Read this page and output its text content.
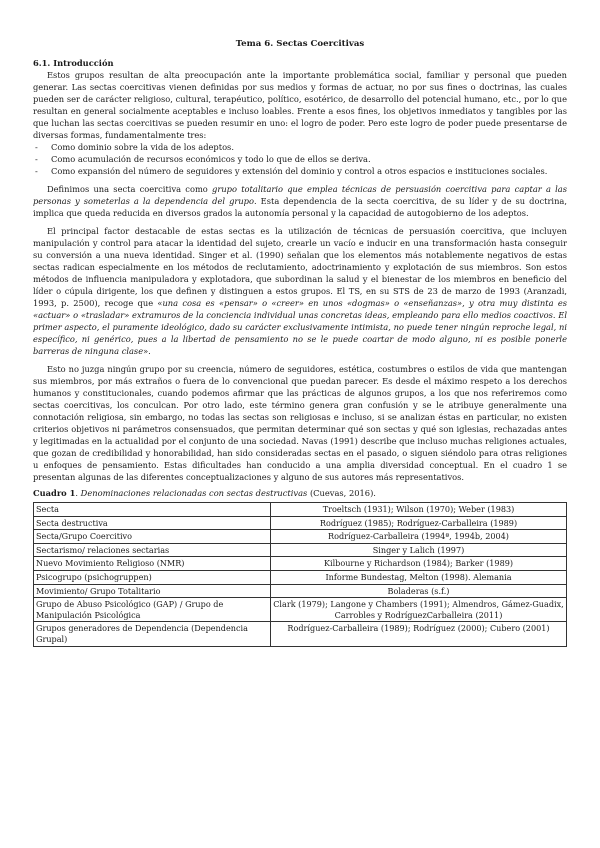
Tema 6. Sectas Coercitivas
6.1. Introducción

Estos grupos resultan de alta preocupación ante la importante problemática social, familiar y personal que pueden generar. Las sectas coercitivas vienen definidas por sus medios y formas de actuar, no por sus fines o doctrinas, las cuales pueden ser de carácter religioso, cultural, terapéutico, político, esotérico, de desarrollo del potencial humano, etc., por lo que resultan en general socialmente aceptables e incluso loables. Frente a esos fines, los objetivos inmediatos y tangibles por las que luchan las sectas coercitivas se pueden resumir en uno: el logro de poder. Pero este logro de poder puede presentarse de diversas formas, fundamentalmente tres:

- Como dominio sobre la vida de los adeptos.
- Como acumulación de recursos económicos y todo lo que de ellos se deriva.
- Como expansión del número de seguidores y extensión del dominio y control a otros espacios e instituciones sociales.

Definimos una secta coercitiva como grupo totalitario que emplea técnicas de persuasión coercitiva para captar a las personas y someterlas a la dependencia del grupo. Esta dependencia de la secta coercitiva, de su líder y de su doctrina, implica que queda reducida en diversos grados la autonomía personal y la capacidad de autogobierno de los adeptos.

El principal factor destacable de estas sectas es la utilización de técnicas de persuasión coercitiva, que incluyen manipulación y control para atacar la identidad del sujeto, crearle un vacío e inducir en una transformación hasta conseguir su conversión a una nueva identidad. Singer et al. (1990) señalan que los elementos más notablemente negativos de estas sectas radican especialmente en los métodos de reclutamiento, adoctrinamiento y explotación de sus miembros. Son estos métodos de influencia manipuladora y explotadora, que subordinan la salud y el bienestar de los miembros en beneficio del líder o cúpula dirigente, los que definen y distinguen a estos grupos. El TS, en su STS de 23 de marzo de 1993 (Aranzadi, 1993, p. 2500), recoge que «una cosa es «pensar» o «creer» en unos «dogmas» o «enseñanzas», y otra muy distinta es «actuar» o «trasladar» extramuros de la conciencia individual unas concretas ideas, empleando para ello medios coactivos. El primer aspecto, el puramente ideológico, dado su carácter exclusivamente intimista, no puede tener ningún reproche legal, ni específico, ni genérico, pues a la libertad de pensamiento no se le puede coartar de modo alguno, ni es posible ponerle barreras de ninguna clase».

Esto no juzga ningún grupo por su creencia, número de seguidores, estética, costumbres o estilos de vida que mantengan sus miembros, por más extraños o fuera de lo convencional que puedan parecer. Es desde el máximo respeto a los derechos humanos y constitucionales, cuando podemos afirmar que las prácticas de algunos grupos, a los que nos referiremos como sectas coercitivas, los conculcan. Por otro lado, este término genera gran confusión y se le atribuye generalmente una connotación religiosa, sin embargo, no todas las sectas son religiosas e incluso, si se analizan éstas en particular, no existen criterios objetivos ni parámetros consensuados, que permitan determinar qué son sectas y qué son iglesias, rechazadas antes y legitimadas en la actualidad por el conjunto de una sociedad. Navas (1991) describe que incluso muchas religiones actuales, que gozan de credibilidad y honorabilidad, han sido consideradas sectas en el pasado, o siguen siéndolo para otras religiones u enfoques de pensamiento. Estas dificultades han conducido a una amplia diversidad conceptual. En el cuadro 1 se presentan algunas de las diferentes conceptualizaciones y alguno de sus autores más representativos.

Cuadro 1. Denominaciones relacionadas con sectas destructivas (Cuevas, 2016).
Secta	Troeltsch (1931); Wilson (1970); Weber (1983)
Secta destructiva	Rodríguez (1985); Rodríguez-Carballeira (1989)
Secta/Grupo Coercitivo	Rodríguez-Carballeira (1994ª, 1994b, 2004)
Sectarismo/ relaciones sectarias	Singer y Lalich (1997)
Nuevo Movimiento Religioso (NMR)	Kilbourne y Richardson (1984); Barker (1989)
Psicogrupo (psichogruppen)	Informe Bundestag, Melton (1998). Alemania
Movimiento/ Grupo Totalitario	Boladeras (s.f.)
Grupo de Abuso Psicológico (GAP) / Grupo de Manipulación Psicológica	Clark (1979); Langone y Chambers (1991); Almendros, Gámez-Guadix, Carrobles y RodríguezCarballeira (2011)
Grupos generadores de Dependencia (Dependencia Grupal)	Rodríguez-Carballeira (1989); Rodríguez (2000); Cubero (2001)
